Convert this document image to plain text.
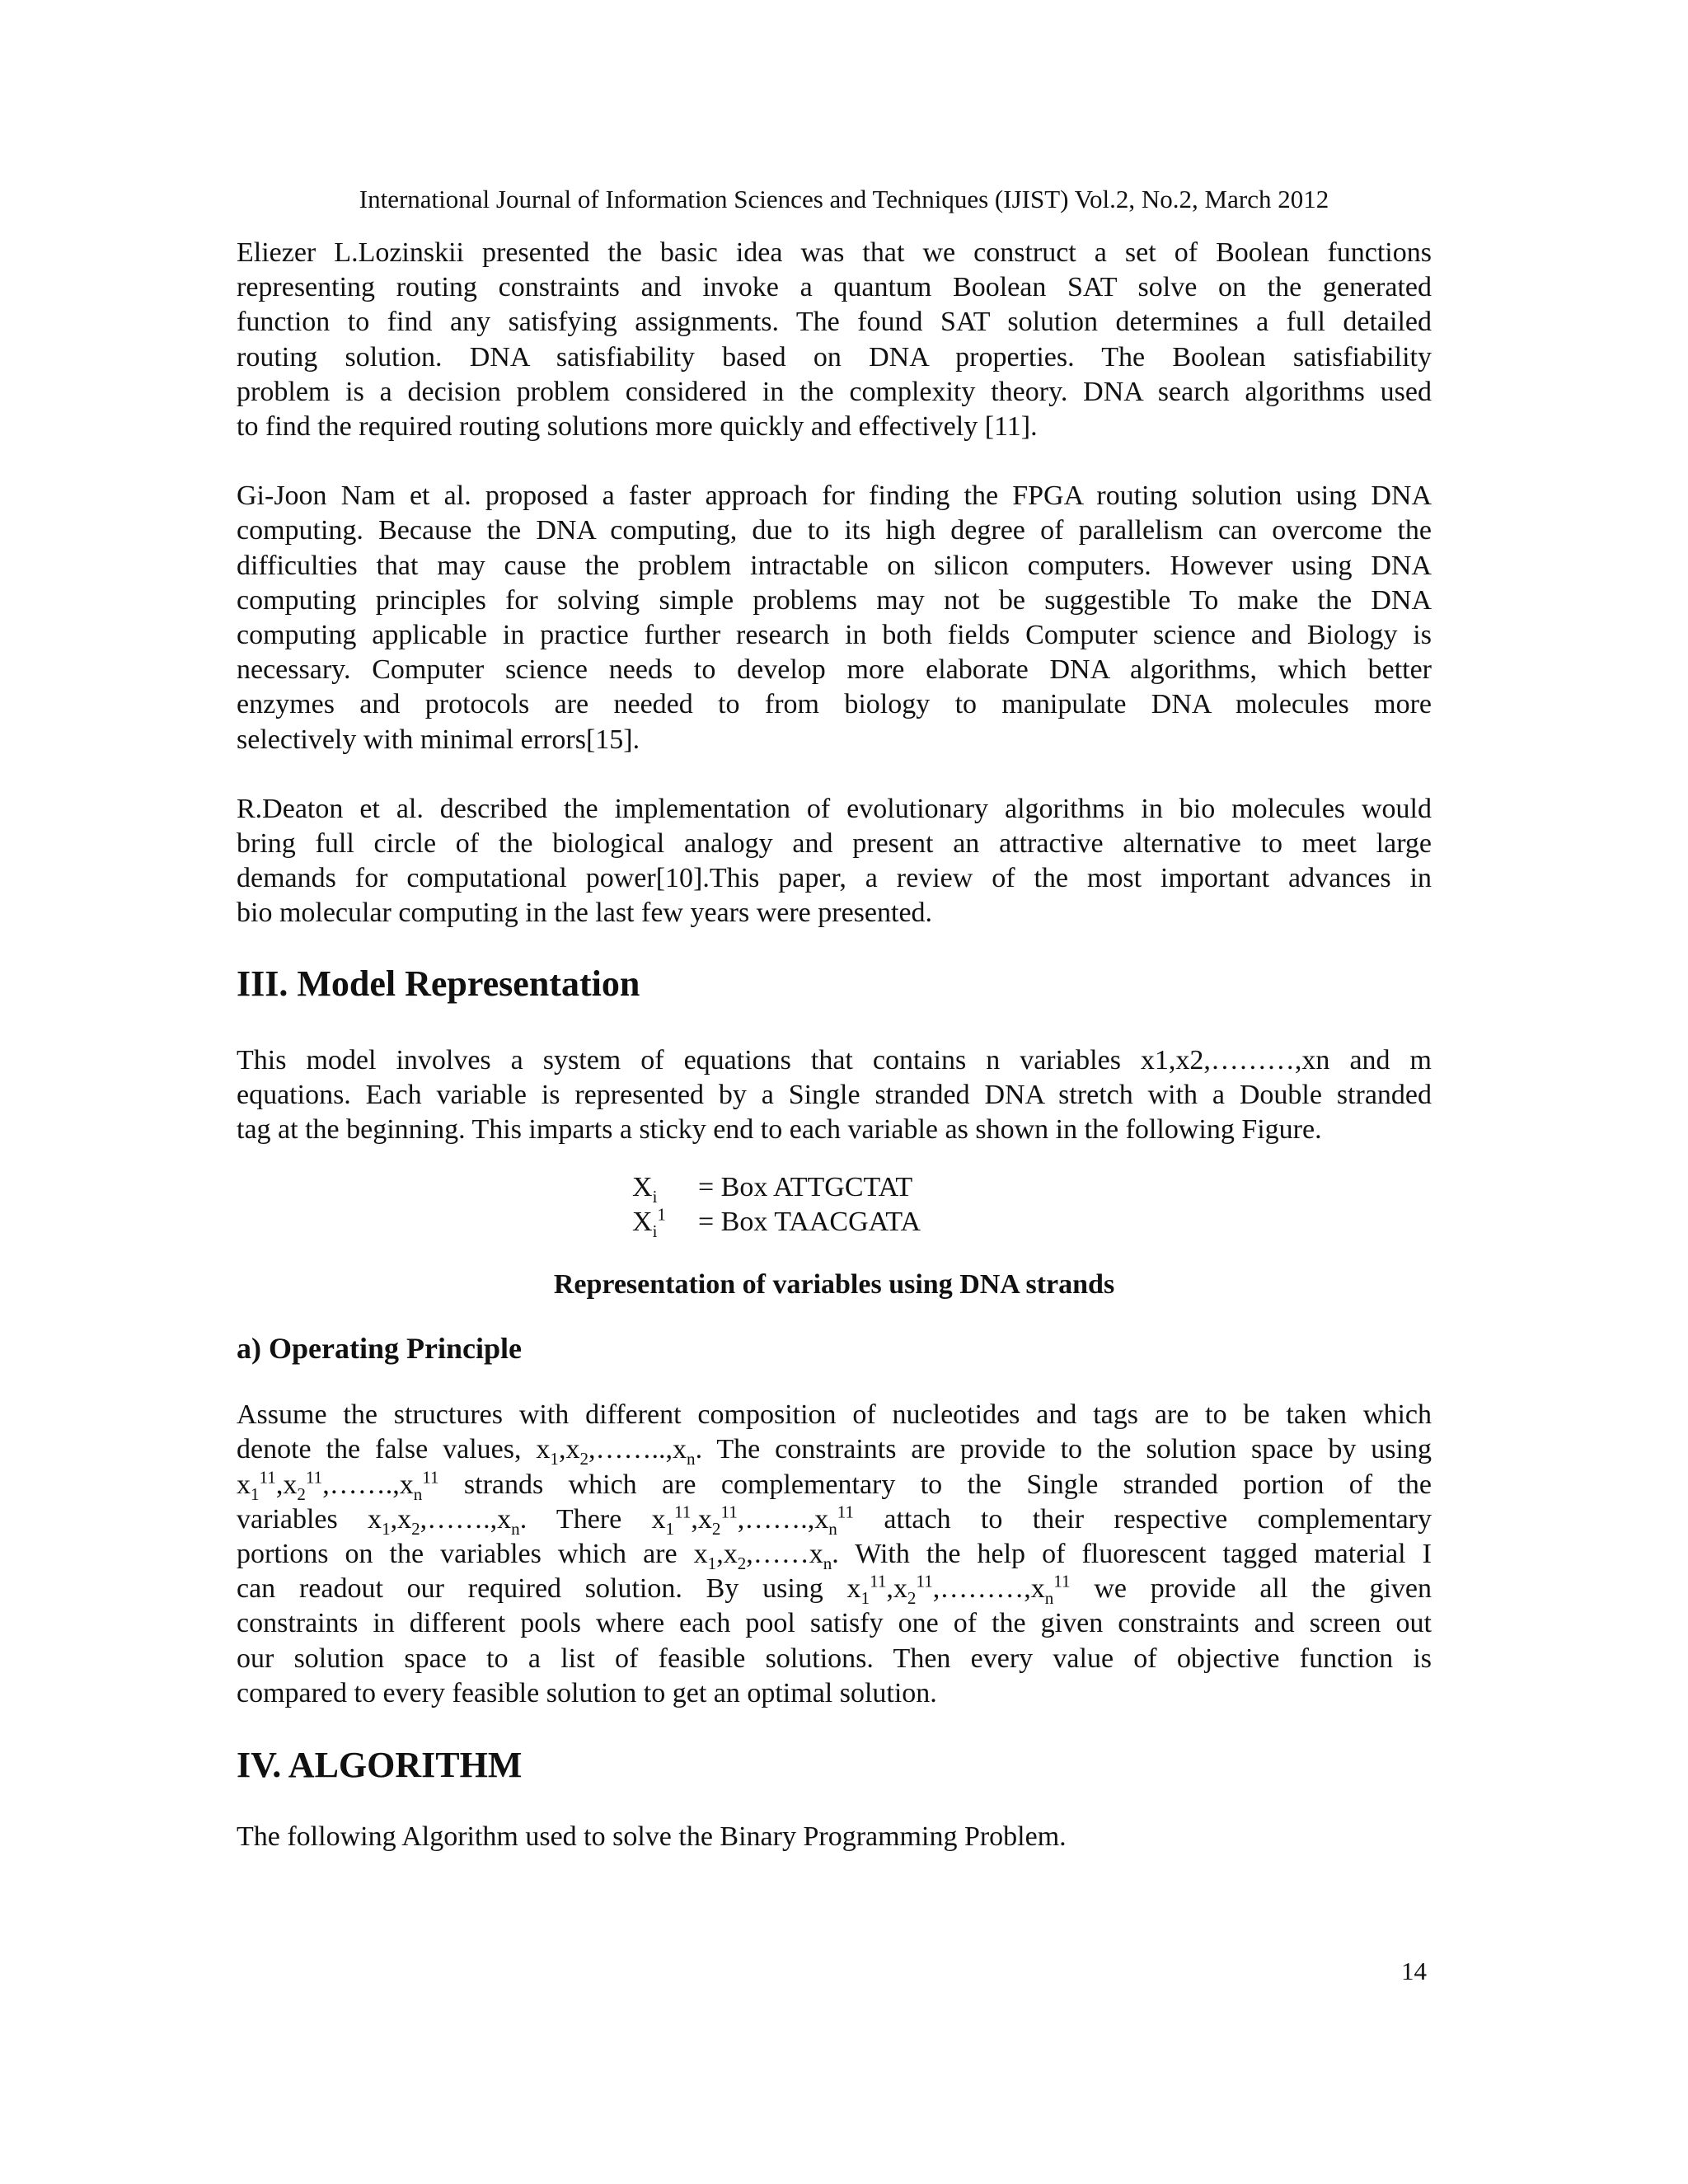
International Journal of Information Sciences and Techniques (IJIST) Vol.2, No.2, March 2012
Eliezer L.Lozinskii presented the basic idea was that we construct a set of Boolean functions
representing routing constraints and invoke a quantum Boolean SAT solve on the generated
function to find any satisfying assignments. The found SAT solution determines a full detailed
routing solution. DNA satisfiability based on DNA properties. The Boolean satisfiability
problem is a decision problem considered in the complexity theory. DNA search algorithms used
to find the required routing solutions more quickly and effectively [11].
Gi-Joon Nam et al. proposed a faster approach for finding the FPGA routing solution using DNA
computing. Because the DNA computing, due to its high degree of parallelism can overcome the
difficulties that may cause the problem intractable on silicon computers. However using DNA
computing principles for solving simple problems may not be suggestible To make the DNA
computing applicable in practice further research in both fields Computer science and Biology is
necessary. Computer science needs to develop more elaborate DNA algorithms, which better
enzymes and protocols are needed to from biology to manipulate DNA molecules more
selectively with minimal errors[15].
R.Deaton et al. described the implementation of evolutionary algorithms in bio molecules would
bring full circle of the biological analogy and present an attractive alternative to meet large
demands for computational power[10].This paper, a review of the most important advances in
bio molecular computing in the last few years were presented.
III. Model Representation
This model involves a system of equations that contains n variables x1,x2,………,xn and m
equations. Each variable is represented by a Single stranded DNA stretch with a Double stranded
tag at the beginning. This imparts a sticky end to each variable as shown in the following Figure.
$X_i$ = Box ATTGCTAT
$X_i^1$ = Box TAACGATA
Representation of variables using DNA strands
a) Operating Principle
Assume the structures with different composition of nucleotides and tags are to be taken which
denote the false values, $x_1,x_2,\dots\dots..,x_n$. The constraints are provide to the solution space by using
$x_1^{11},x_2^{11},\dots\dots.,x_n^{11}$ strands which are complementary to the Single stranded portion of the
variables $x_1,x_2,\dots\dots.,x_n$. There $x_1^{11},x_2^{11},\dots\dots.,x_n^{11}$ attach to their respective complementary
portions on the variables which are $x_1,x_2,\dots\dots x_n$. With the help of fluorescent tagged material I
can readout our required solution. By using $x_1^{11},x_2^{11},\dots\dots\dots,x_n^{11}$ we provide all the given
constraints in different pools where each pool satisfy one of the given constraints and screen out
our solution space to a list of feasible solutions. Then every value of objective function is
compared to every feasible solution to get an optimal solution.
IV. ALGORITHM
The following Algorithm used to solve the Binary Programming Problem.
14
